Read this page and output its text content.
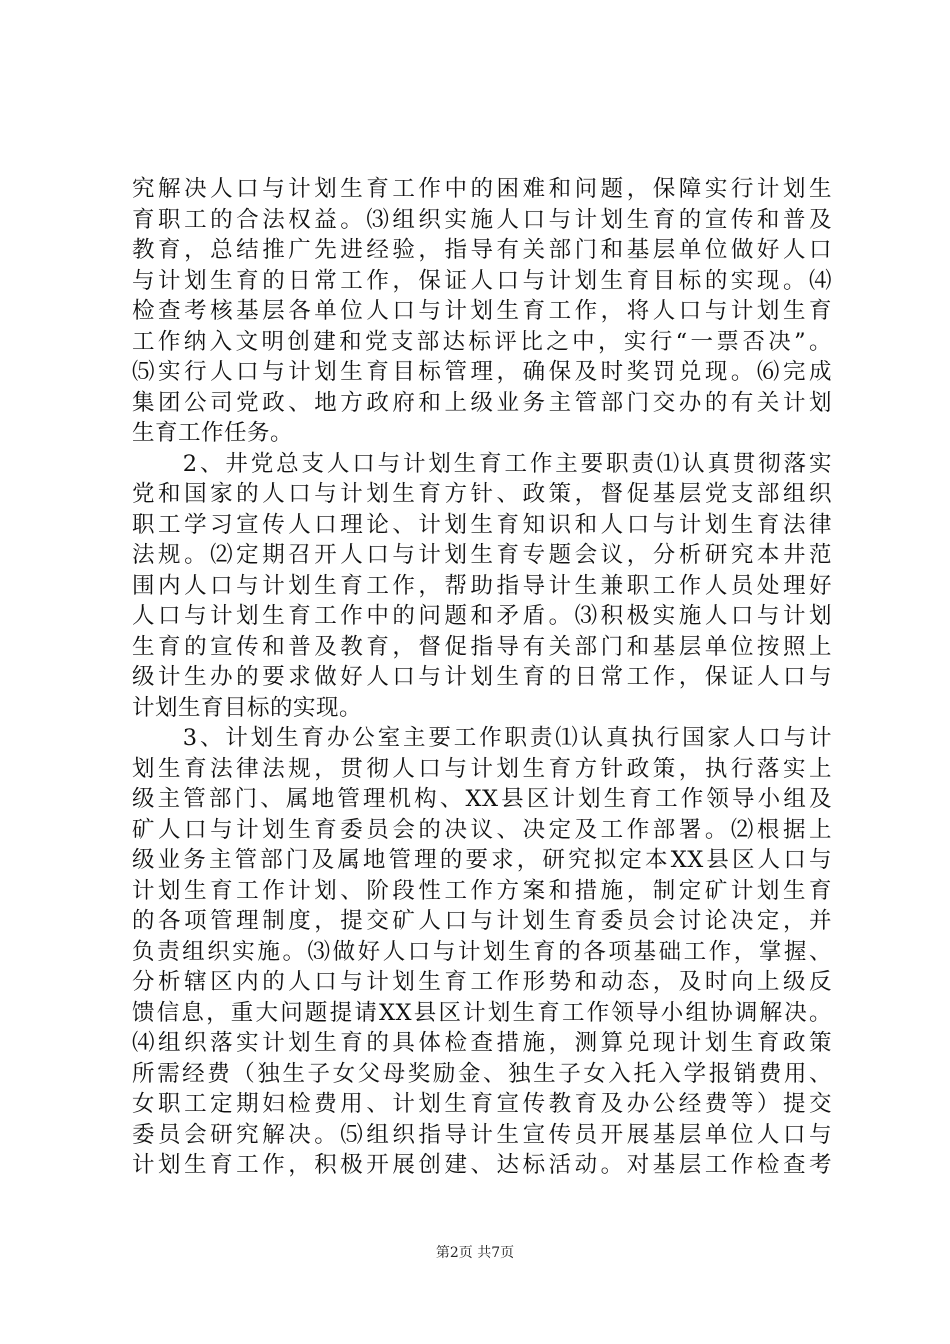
究解决人口与计划生育工作中的困难和问题，保障实行计划生
育职工的合法权益。⑶组织实施人口与计划生育的宣传和普及
教育，总结推广先进经验，指导有关部门和基层单位做好人口
与计划生育的日常工作，保证人口与计划生育目标的实现。⑷
检查考核基层各单位人口与计划生育工作，将人口与计划生育
工作纳入文明创建和党支部达标评比之中，实行“一票否决”。
⑸实行人口与计划生育目标管理，确保及时奖罚兑现。⑹完成
集团公司党政、地方政府和上级业务主管部门交办的有关计划
生育工作任务。
　　2、井党总支人口与计划生育工作主要职责⑴认真贯彻落实
党和国家的人口与计划生育方针、政策，督促基层党支部组织
职工学习宣传人口理论、计划生育知识和人口与计划生育法律
法规。⑵定期召开人口与计划生育专题会议，分析研究本井范
围内人口与计划生育工作，帮助指导计生兼职工作人员处理好
人口与计划生育工作中的问题和矛盾。⑶积极实施人口与计划
生育的宣传和普及教育，督促指导有关部门和基层单位按照上
级计生办的要求做好人口与计划生育的日常工作，保证人口与
计划生育目标的实现。
　　3、计划生育办公室主要工作职责⑴认真执行国家人口与计
划生育法律法规，贯彻人口与计划生育方针政策，执行落实上
级主管部门、属地管理机构、XX县区计划生育工作领导小组及
矿人口与计划生育委员会的决议、决定及工作部署。⑵根据上
级业务主管部门及属地管理的要求，研究拟定本XX县区人口与
计划生育工作计划、阶段性工作方案和措施，制定矿计划生育
的各项管理制度，提交矿人口与计划生育委员会讨论决定，并
负责组织实施。⑶做好人口与计划生育的各项基础工作，掌握、
分析辖区内的人口与计划生育工作形势和动态，及时向上级反
馈信息，重大问题提请XX县区计划生育工作领导小组协调解决。
⑷组织落实计划生育的具体检查措施，测算兑现计划生育政策
所需经费（独生子女父母奖励金、独生子女入托入学报销费用、
女职工定期妇检费用、计划生育宣传教育及办公经费等）提交
委员会研究解决。⑸组织指导计生宣传员开展基层单位人口与
计划生育工作，积极开展创建、达标活动。对基层工作检查考
第2页 共7页
